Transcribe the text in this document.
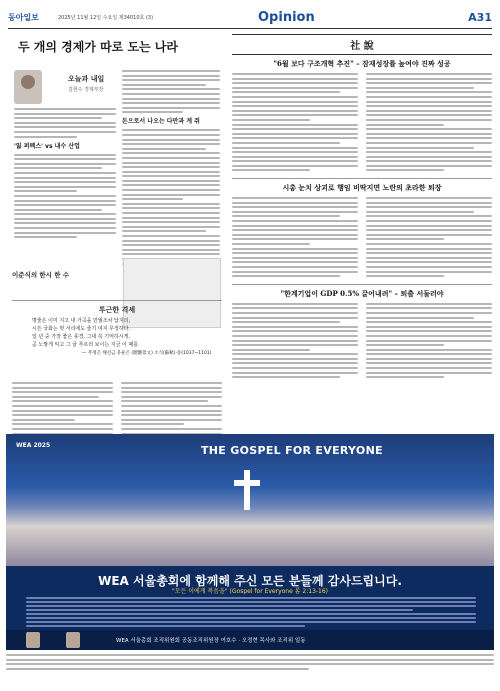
동아일보	2025년 11월 12일 수요일 제34010호 (3)	Opinion	A31
두 개의 경제가 따로 도는 나라
오늘과 내일
김현수 경제부장
'잃 퍼펙스' vs 내수 산업
돈으로서 나오는 다만과 게 쥐
이준식의 한시 한 수
투근한 격세

명줄은 이미 지고 내 가곡을 만월조차 답지리,

시든 국화는 벗 서리에도 줄기 여지 무정하다.

일 년 중 가장 좋은 풍경, 그대 꼭 기억하시게,

곧 노랗게 익고 그 귤 푸르러 보이는 지금 이 때를.

― 무정곤 해선금 유운은 (贈劉景文) 소식(蘇軾)·송(1037~1101)

社 說
"6월 보다 구조개혁 추진" – 잠재성장률 높여야 진짜 성공
시총 눈치 상괴로 행임 비딱지면 노란의 초라한 퇴장
"한계기업이 GDP 0.5% 끌어내려" – 퇴출 서둘러야
WEA 2025	THE GOSPEL FOR EVERYONE
WEA 서울총회에 함께해 주신 모든 분들께 감사드립니다.
"모든 이에게 복음을" (Gospel for Everyone 롬 2:13-16)
WEA 서울총회 조직위원회 공동조직위원장 여호수 · 오정현 목사와 조직위 일동
